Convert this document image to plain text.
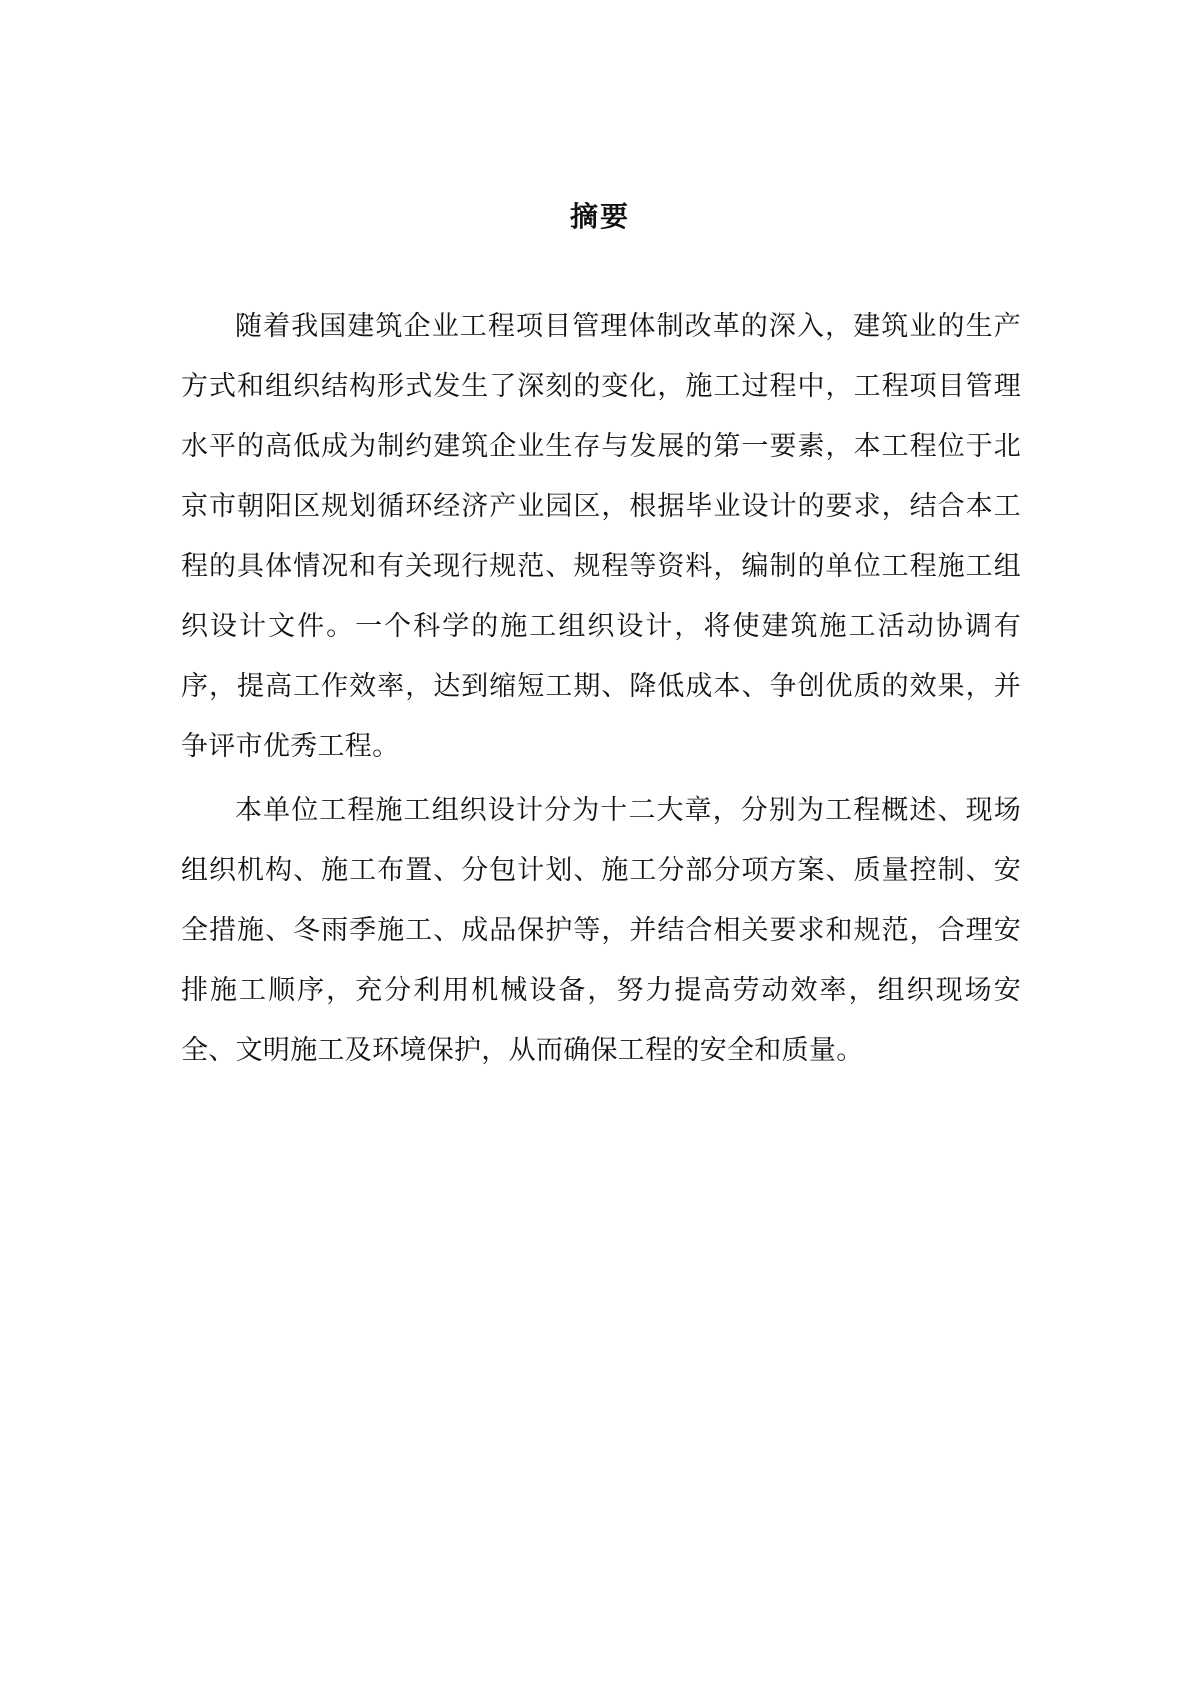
摘要

随着我国建筑企业工程项目管理体制改革的深入，建筑业的生产方式和组织结构形式发生了深刻的变化，施工过程中，工程项目管理水平的高低成为制约建筑企业生存与发展的第一要素，本工程位于北京市朝阳区规划循环经济产业园区，根据毕业设计的要求，结合本工程的具体情况和有关现行规范、规程等资料，编制的单位工程施工组织设计文件。一个科学的施工组织设计，将使建筑施工活动协调有序，提高工作效率，达到缩短工期、降低成本、争创优质的效果，并争评市优秀工程。

本单位工程施工组织设计分为十二大章，分别为工程概述、现场组织机构、施工布置、分包计划、施工分部分项方案、质量控制、安全措施、冬雨季施工、成品保护等，并结合相关要求和规范，合理安排施工顺序，充分利用机械设备，努力提高劳动效率，组织现场安全、文明施工及环境保护，从而确保工程的安全和质量。
